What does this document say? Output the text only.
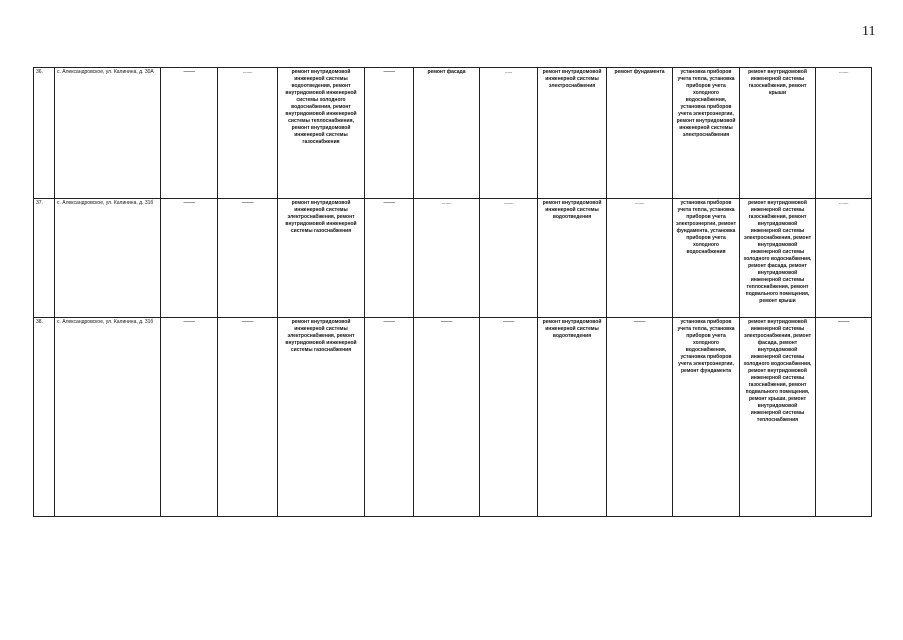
11
36.	с. Александровское, ул. Калинина, д. 30А	——	........	ремонт внутридомовой инженерной системы водоотведения, ремонт внутридомовой инженерной системы холодного водоснабжения, ремонт внутридомовой инженерной системы теплоснабжения, ремонт внутридомовой инженерной системы газоснабжения	——	ремонт фасада	......	ремонт внутридомовой инженерной системы электроснабжения	ремонт фундамента	установка приборов учета тепла, установка приборов учета холодного водоснабжения, установка приборов учета электроэнергии, ремонт внутридомовой инженерной системы электроснабжения	ремонт внутридомовой инженерной системы газоснабжения, ремонт крыши	........

37.	с. Александровское, ул. Калинина, д. 31б	——	——	ремонт внутридомовой инженерной системы электроснабжения, ремонт внутридомовой инженерной системы газоснабжения	——	........	........	ремонт внутридомовой инженерной системы водоотведения	........	установка приборов учета тепла, установка приборов учета электроэнергии, ремонт фундамента, установка приборов учета холодного водоснабжения	ремонт внутридомовой инженерной системы газоснабжения, ремонт внутридомовой инженерной системы электроснабжения, ремонт внутридомовой инженерной системы холодного водоснабжения, ремонт фасада, ремонт внутридомовой инженерной системы теплоснабжения, ремонт подвального помещения, ремонт крыши	........

38.	с. Александровское, ул. Калинина, д. 31б	——	——	ремонт внутридомовой инженерной системы электроснабжения, ремонт внутридомовой инженерной системы газоснабжения	——	——	——	ремонт внутридомовой инженерной системы водоотведения	——	установка приборов учета тепла, установка приборов учета холодного водоснабжения, установка приборов учета электроэнергии, ремонт фундамента	ремонт внутридомовой инженерной системы электроснабжения, ремонт фасада, ремонт внутридомовой инженерной системы холодного водоснабжения, ремонт внутридомовой инженерной системы газоснабжения, ремонт подвального помещения, ремонт крыши, ремонт внутридомовой инженерной системы теплоснабжения	——
